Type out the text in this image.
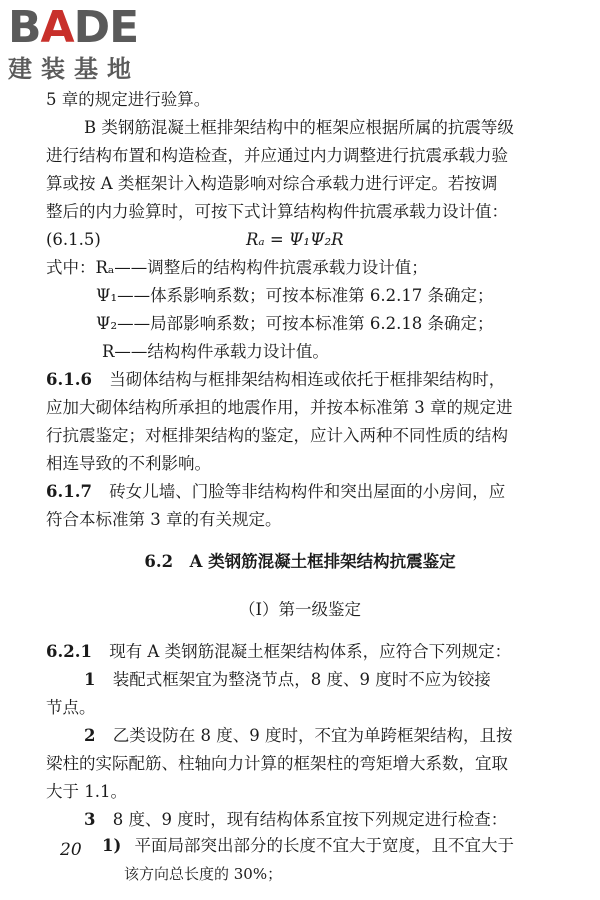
BADE
建装基地
5 章的规定进行验算。
B 类钢筋混凝土框排架结构中的框架应根据所属的抗震等级
进行结构布置和构造检查，并应通过内力调整进行抗震承载力验
算或按 A 类框架计入构造影响对综合承载力进行评定。若按调
整后的内力验算时，可按下式计算结构构件抗震承载力设计值：
Rₐ = Ψ₁Ψ₂R
(6.1.5)
式中：Rₐ——调整后的结构构件抗震承载力设计值；
Ψ₁——体系影响系数；可按本标准第 6.2.17 条确定；
Ψ₂——局部影响系数；可按本标准第 6.2.18 条确定；
R——结构构件承载力设计值。
6.1.6 当砌体结构与框排架结构相连或依托于框排架结构时，
应加大砌体结构所承担的地震作用，并按本标准第 3 章的规定进
行抗震鉴定；对框排架结构的鉴定，应计入两种不同性质的结构
相连导致的不利影响。
6.1.7 砖女儿墙、门脸等非结构构件和突出屋面的小房间，应
符合本标准第 3 章的有关规定。
6.2　A 类钢筋混凝土框排架结构抗震鉴定
（Ⅰ）第一级鉴定
6.2.1 现有 A 类钢筋混凝土框架结构体系，应符合下列规定：
1 装配式框架宜为整浇节点，8 度、9 度时不应为铰接
节点。
2 乙类设防在 8 度、9 度时，不宜为单跨框架结构，且按
梁柱的实际配筋、柱轴向力计算的框架柱的弯矩增大系数，宜取
大于 1.1。
3 8 度、9 度时，现有结构体系宜按下列规定进行检查：
1) 平面局部突出部分的长度不宜大于宽度，且不宜大于
20
该方向总长度的 30%；
